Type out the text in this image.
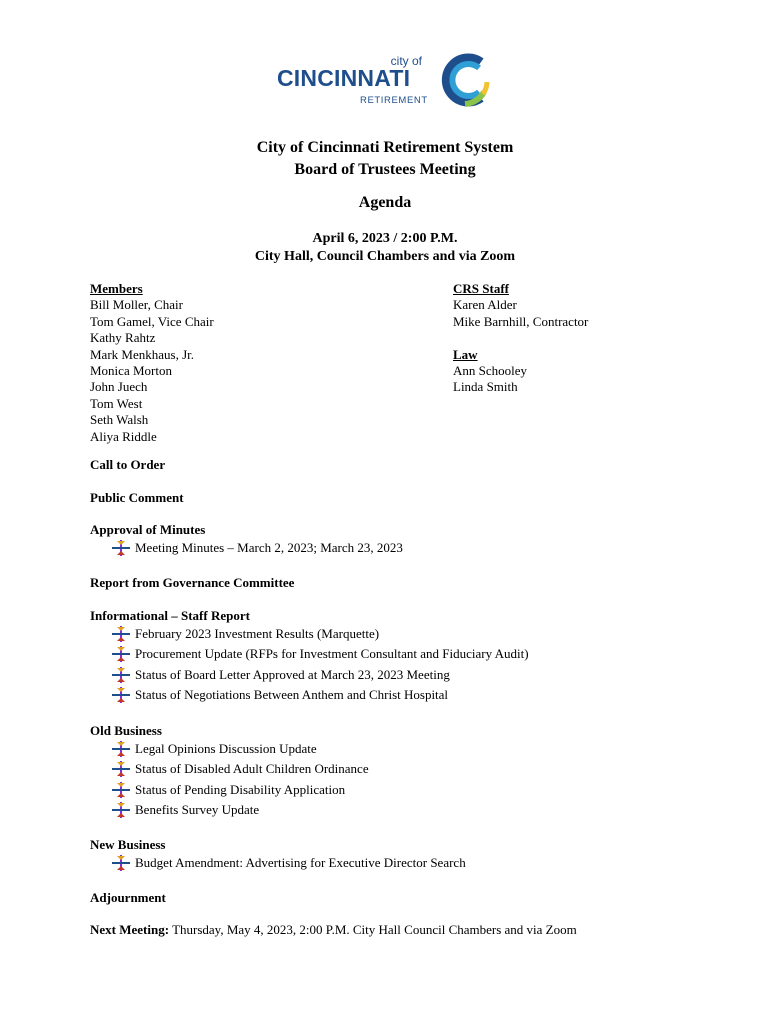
city of
CINCINNATI
RETIREMENT
City of Cincinnati Retirement System
Board of Trustees Meeting
Agenda
April 6, 2023 / 2:00 P.M.
City Hall, Council Chambers and via Zoom
Members
Bill Moller, Chair
Tom Gamel, Vice Chair
Kathy Rahtz
Mark Menkhaus, Jr.
Monica Morton
John Juech
Tom West
Seth Walsh
Aliya Riddle
CRS Staff
Karen Alder
Mike Barnhill, Contractor
Law
Ann Schooley
Linda Smith
Call to Order
Public Comment
Approval of Minutes
Meeting Minutes – March 2, 2023; March 23, 2023
Report from Governance Committee
Informational – Staff Report
February 2023 Investment Results (Marquette)
Procurement Update (RFPs for Investment Consultant and Fiduciary Audit)
Status of Board Letter Approved at March 23, 2023 Meeting
Status of Negotiations Between Anthem and Christ Hospital
Old Business
Legal Opinions Discussion Update
Status of Disabled Adult Children Ordinance
Status of Pending Disability Application
Benefits Survey Update
New Business
Budget Amendment: Advertising for Executive Director Search
Adjournment
Next Meeting: Thursday, May 4, 2023, 2:00 P.M. City Hall Council Chambers and via Zoom
